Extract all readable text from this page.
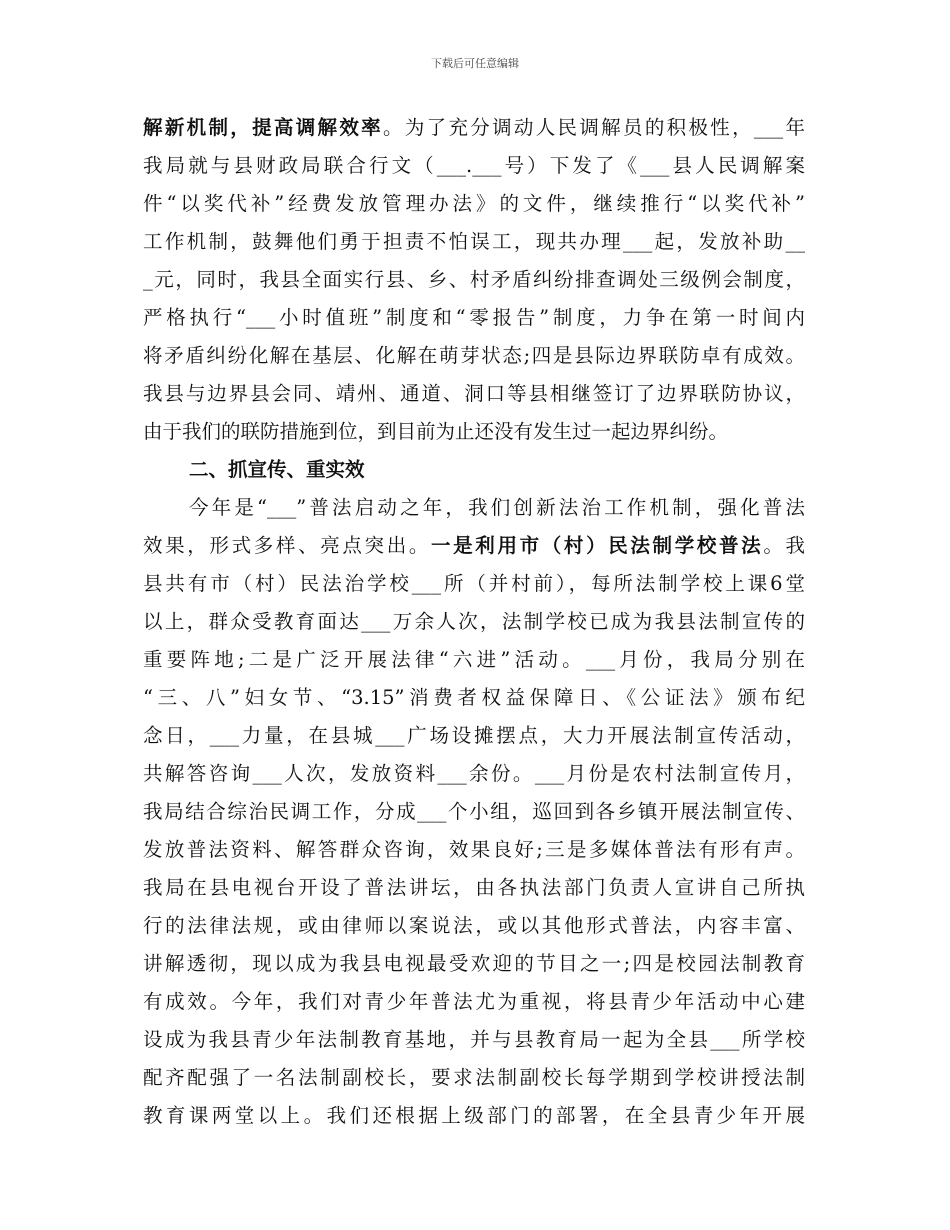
下载后可任意编辑
解新机制，提高调解效率。为了充分调动人民调解员的积极性，___年
我局就与县财政局联合行文（___.___号）下发了《___县人民调解案
件“以奖代补”经费发放管理办法》的文件，继续推行“以奖代补”
工作机制，鼓舞他们勇于担责不怕误工，现共办理___起，发放补助__
_元，同时，我县全面实行县、乡、村矛盾纠纷排查调处三级例会制度，
严格执行“___小时值班”制度和“零报告”制度，力争在第一时间内
将矛盾纠纷化解在基层、化解在萌芽状态;四是县际边界联防卓有成效。
我县与边界县会同、靖州、通道、洞口等县相继签订了边界联防协议，
由于我们的联防措施到位，到目前为止还没有发生过一起边界纠纷。
二、抓宣传、重实效
今年是“___”普法启动之年，我们创新法治工作机制，强化普法
效果，形式多样、亮点突出。一是利用市（村）民法制学校普法。我
县共有市（村）民法治学校___所（并村前），每所法制学校上课6堂
以上，群众受教育面达___万余人次，法制学校已成为我县法制宣传的
重要阵地;二是广泛开展法律“六进”活动。___月份，我局分别在
“三、八”妇女节、“3.15”消费者权益保障日、《公证法》颁布纪
念日，___力量，在县城___广场设摊摆点，大力开展法制宣传活动，
共解答咨询___人次，发放资料___余份。___月份是农村法制宣传月，
我局结合综治民调工作，分成___个小组，巡回到各乡镇开展法制宣传、
发放普法资料、解答群众咨询，效果良好;三是多媒体普法有形有声。
我局在县电视台开设了普法讲坛，由各执法部门负责人宣讲自己所执
行的法律法规，或由律师以案说法，或以其他形式普法，内容丰富、
讲解透彻，现以成为我县电视最受欢迎的节目之一;四是校园法制教育
有成效。今年，我们对青少年普法尤为重视，将县青少年活动中心建
设成为我县青少年法制教育基地，并与县教育局一起为全县___所学校
配齐配强了一名法制副校长，要求法制副校长每学期到学校讲授法制
教育课两堂以上。我们还根据上级部门的部署，在全县青少年开展
